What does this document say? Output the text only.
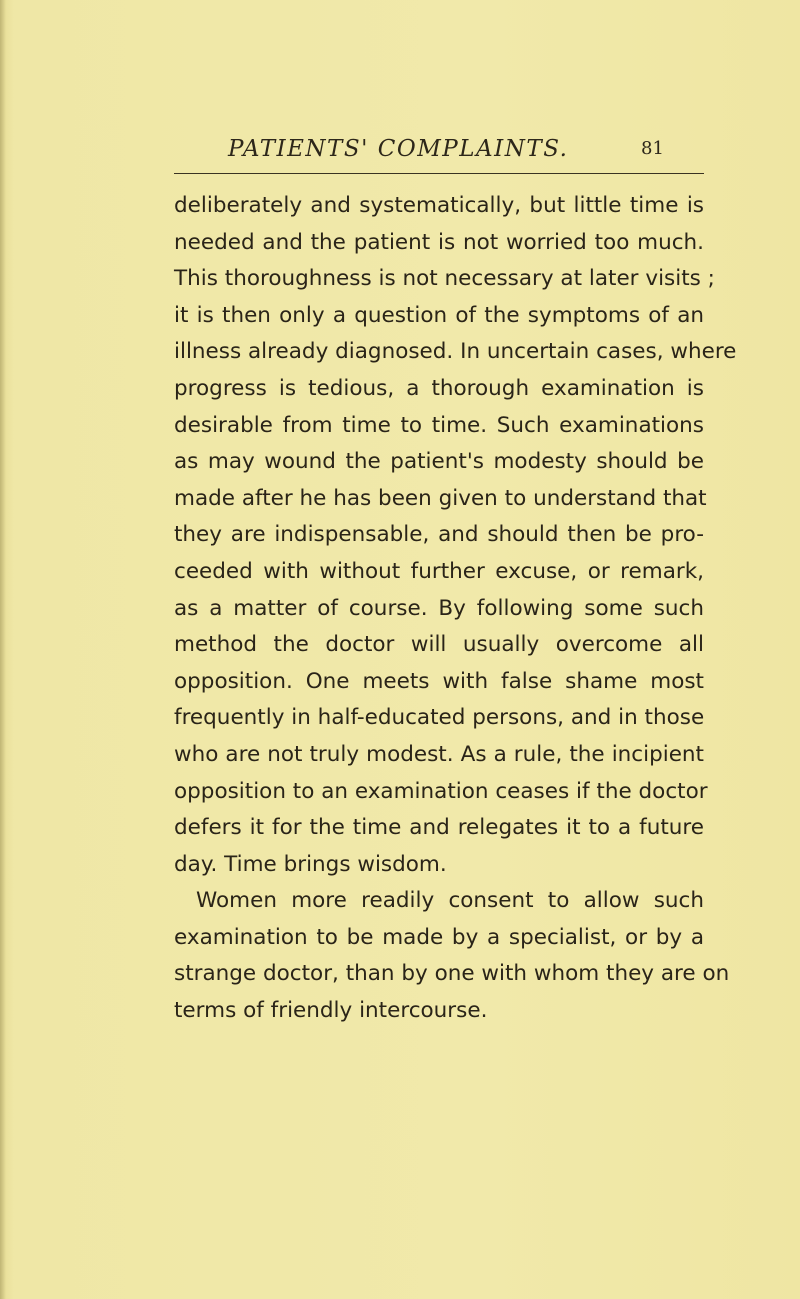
PATIENTS' COMPLAINTS.	81
deliberately and systematically, but little time is
needed and the patient is not worried too much.
This thoroughness is not necessary at later visits ;
it is then only a question of the symptoms of an
illness already diagnosed. In uncertain cases, where
progress is tedious, a thorough examination is
desirable from time to time. Such examinations
as may wound the patient's modesty should be
made after he has been given to understand that
they are indispensable, and should then be pro-
ceeded with without further excuse, or remark,
as a matter of course. By following some such
method the doctor will usually overcome all
opposition. One meets with false shame most
frequently in half-educated persons, and in those
who are not truly modest. As a rule, the incipient
opposition to an examination ceases if the doctor
defers it for the time and relegates it to a future
day. Time brings wisdom.
Women more readily consent to allow such
examination to be made by a specialist, or by a
strange doctor, than by one with whom they are on
terms of friendly intercourse.
